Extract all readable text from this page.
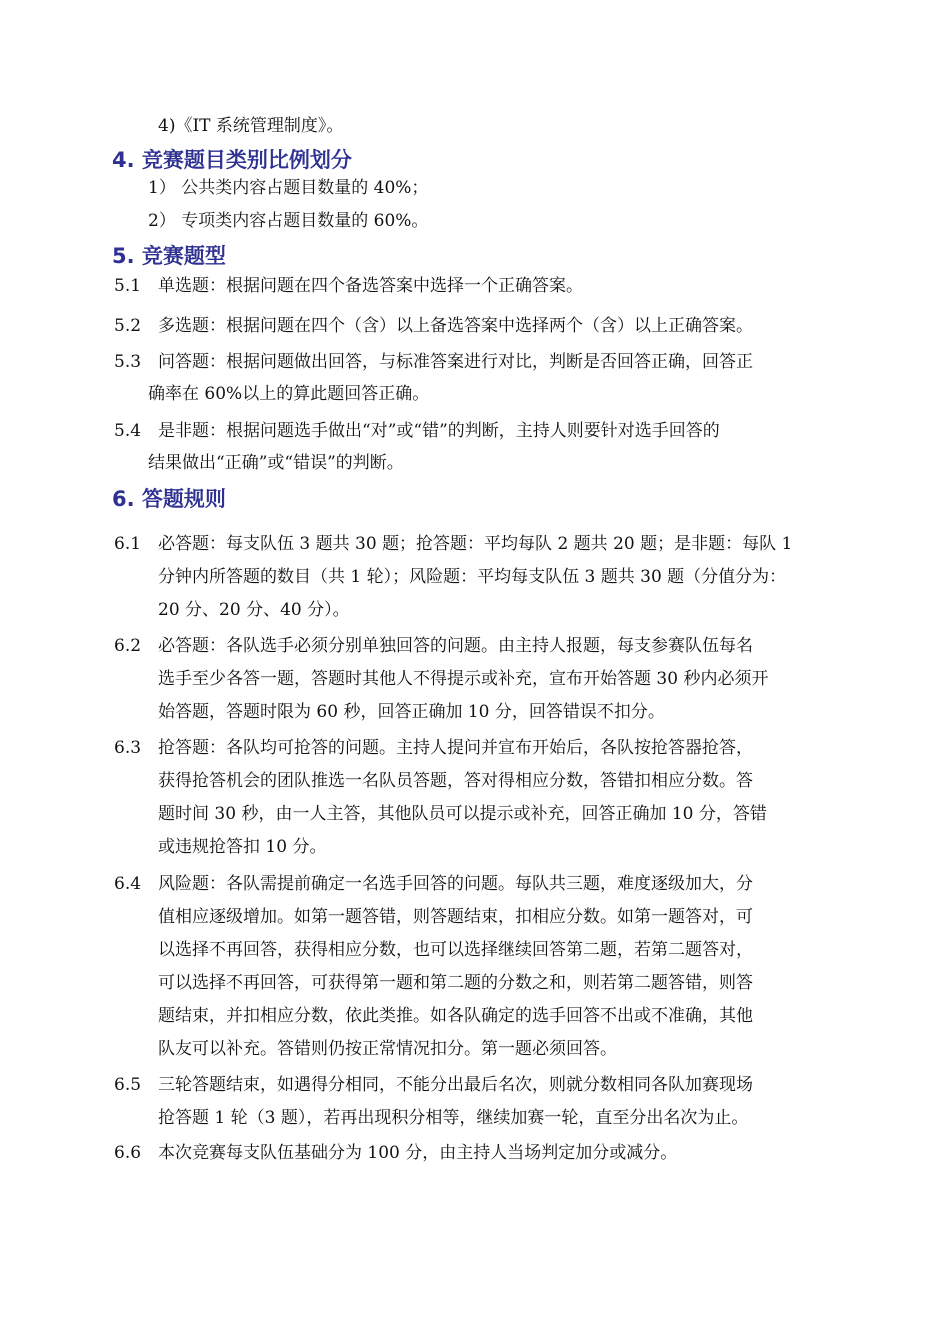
4)《IT 系统管理制度》。
4. 竞赛题目类别比例划分
1） 公共类内容占题目数量的 40%；
2） 专项类内容占题目数量的 60%。
5. 竞赛题型
5.1 单选题：根据问题在四个备选答案中选择一个正确答案。
5.2 多选题：根据问题在四个（含）以上备选答案中选择两个（含）以上正确答案。
5.3 问答题：根据问题做出回答，与标准答案进行对比，判断是否回答正确，回答正
确率在 60%以上的算此题回答正确。
5.4 是非题：根据问题选手做出“对”或“错”的判断，主持人则要针对选手回答的
结果做出“正确”或“错误”的判断。
6. 答题规则
6.1 必答题：每支队伍 3 题共 30 题；抢答题：平均每队 2 题共 20 题；是非题：每队 1
分钟内所答题的数目（共 1 轮）；风险题：平均每支队伍 3 题共 30 题（分值分为：
20 分、20 分、40 分）。
6.2 必答题：各队选手必须分别单独回答的问题。由主持人报题，每支参赛队伍每名
选手至少各答一题，答题时其他人不得提示或补充，宣布开始答题 30 秒内必须开
始答题，答题时限为 60 秒，回答正确加 10 分，回答错误不扣分。
6.3 抢答题：各队均可抢答的问题。主持人提问并宣布开始后，各队按抢答器抢答，
获得抢答机会的团队推选一名队员答题，答对得相应分数，答错扣相应分数。答
题时间 30 秒，由一人主答，其他队员可以提示或补充，回答正确加 10 分，答错
或违规抢答扣 10 分。
6.4 风险题：各队需提前确定一名选手回答的问题。每队共三题，难度逐级加大，分
值相应逐级增加。如第一题答错，则答题结束，扣相应分数。如第一题答对，可
以选择不再回答，获得相应分数，也可以选择继续回答第二题，若第二题答对，
可以选择不再回答，可获得第一题和第二题的分数之和，则若第二题答错，则答
题结束，并扣相应分数，依此类推。如各队确定的选手回答不出或不准确，其他
队友可以补充。答错则仍按正常情况扣分。第一题必须回答。
6.5 三轮答题结束，如遇得分相同，不能分出最后名次，则就分数相同各队加赛现场
抢答题 1 轮（3 题），若再出现积分相等，继续加赛一轮，直至分出名次为止。
6.6 本次竞赛每支队伍基础分为 100 分，由主持人当场判定加分或减分。
